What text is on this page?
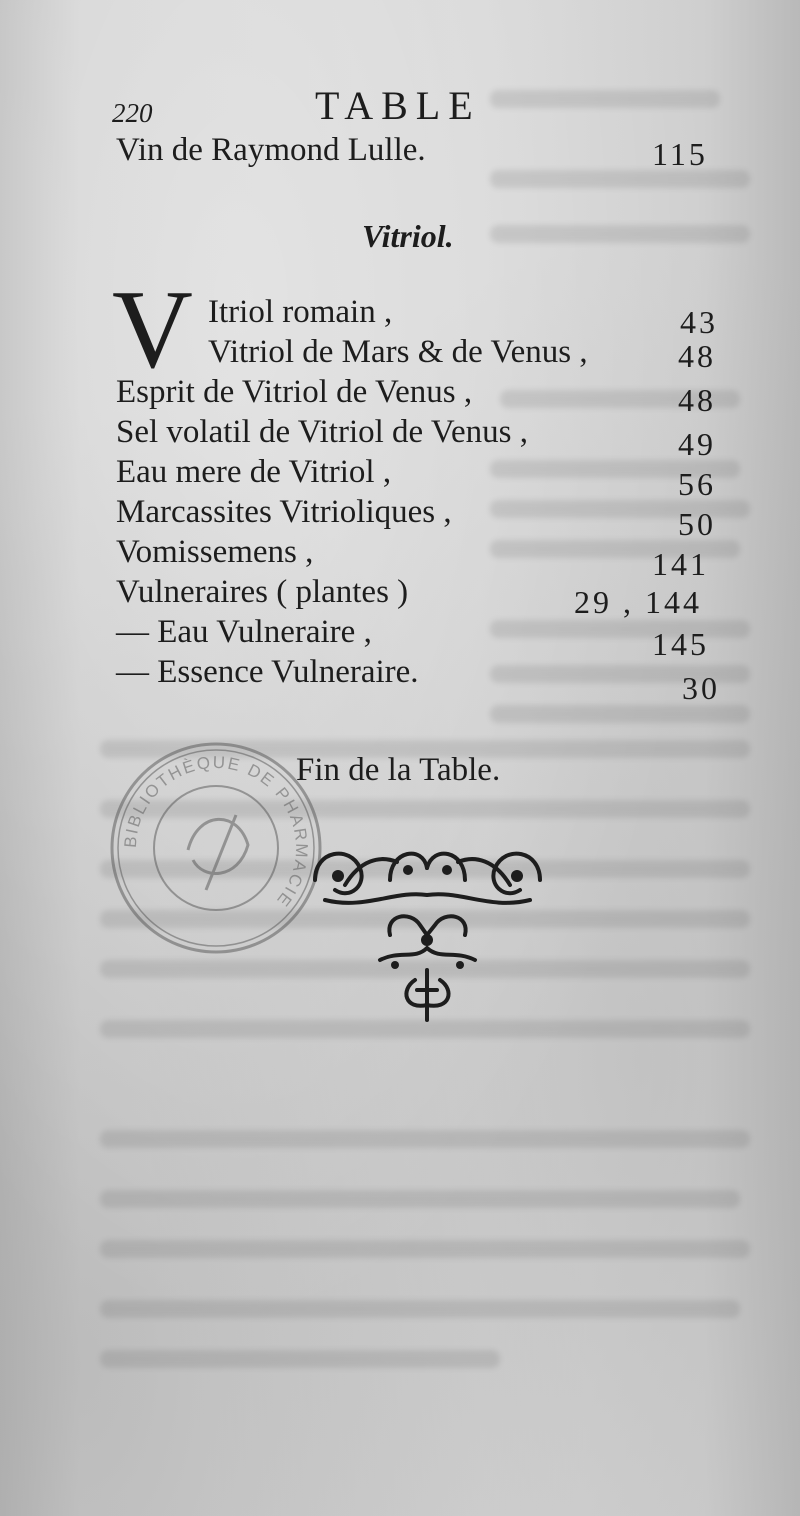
220	TABLE
Vin de Raymond Lulle.	115
Vitriol.
V Itriol romain ,	43
Vitriol de Mars & de Venus ,	48
Esprit de Vitriol de Venus ,	48
Sel volatil de Vitriol de Venus ,	49
Eau mere de Vitriol ,	56
Marcassites Vitrioliques ,	50
Vomissemens ,	141
Vulneraires ( plantes )	29 , 144
— Eau Vulneraire ,	145
— Essence Vulneraire.	30
BIBLIOTHÈQUE DE PHARMACIE
Fin de la Table.
